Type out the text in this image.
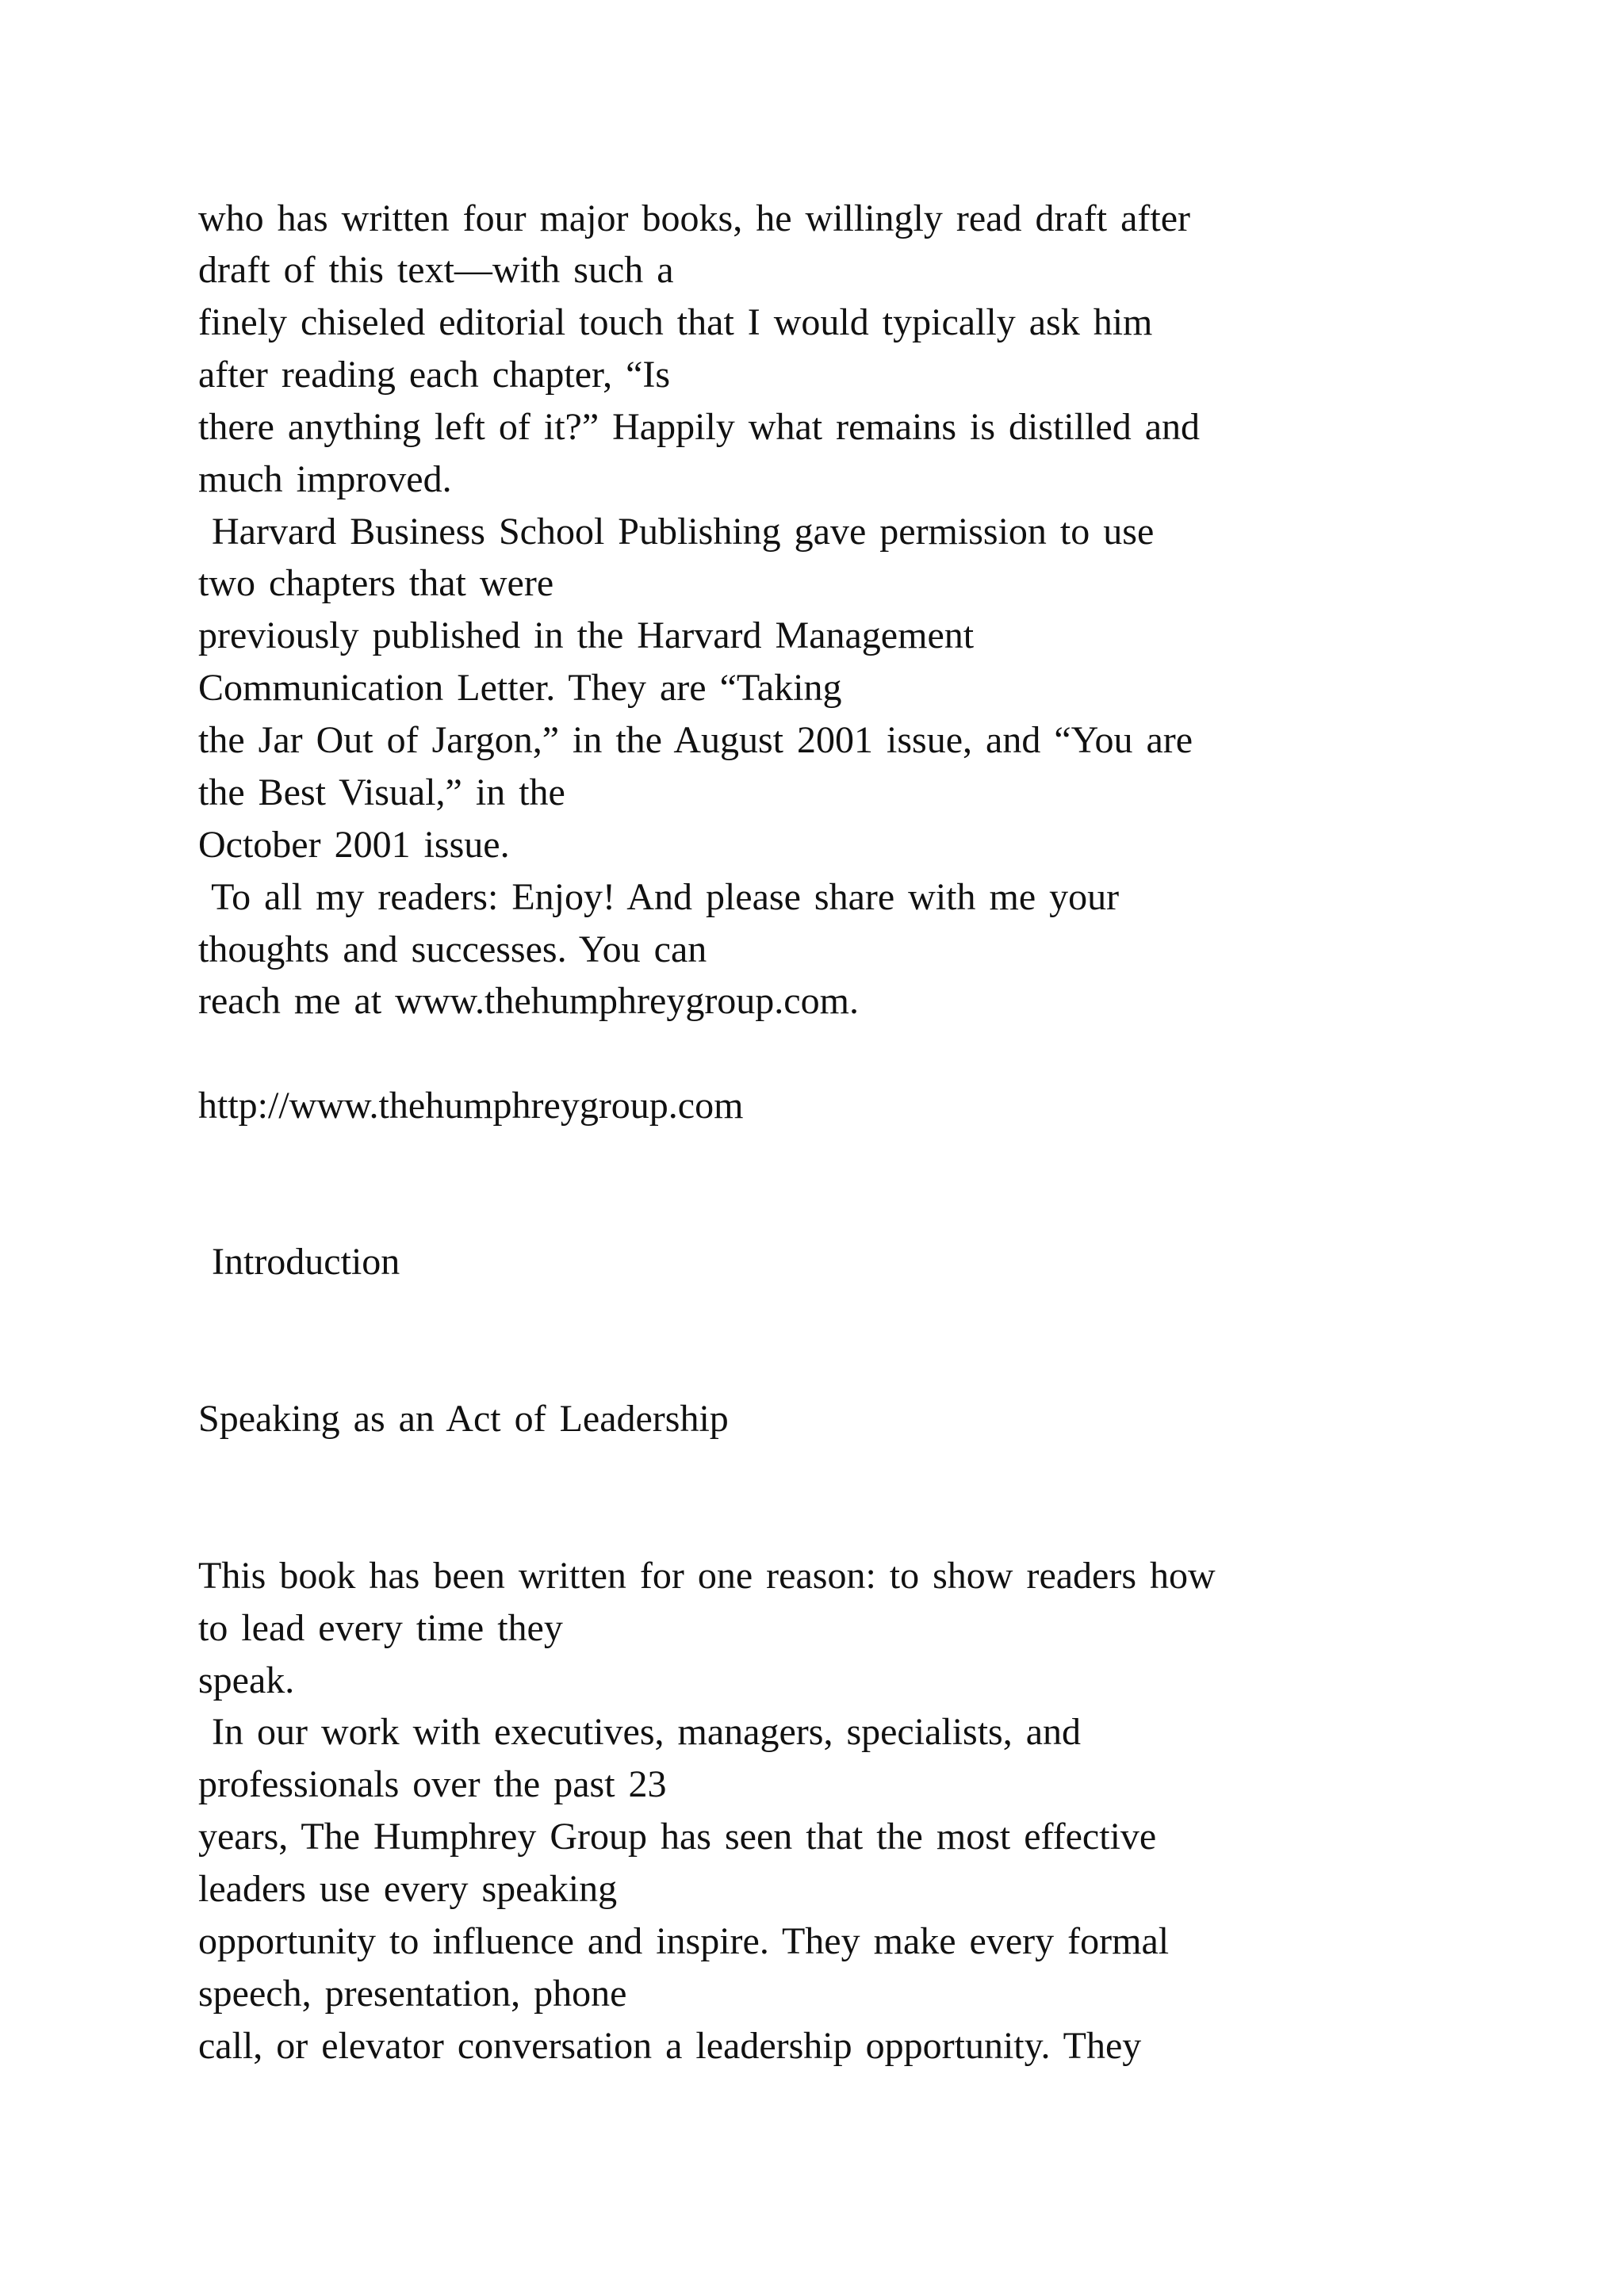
who has written four major books, he willingly read draft after

draft of this text—with such a

finely chiseled editorial touch that I would typically ask him

after reading each chapter, “Is

there anything left of it?” Happily what remains is distilled and

much improved.

Harvard Business School Publishing gave permission to use

two chapters that were

previously published in the Harvard Management

Communication Letter. They are “Taking

the Jar Out of Jargon,” in the August 2001 issue, and “You are

the Best Visual,” in the

October 2001 issue.

To all my readers: Enjoy! And please share with me your

thoughts and successes. You can

reach me at www.thehumphreygroup.com.

http://www.thehumphreygroup.com

Introduction

Speaking as an Act of Leadership

This book has been written for one reason: to show readers how

to lead every time they

speak.

In our work with executives, managers, specialists, and

professionals over the past 23

years, The Humphrey Group has seen that the most effective

leaders use every speaking

opportunity to influence and inspire. They make every formal

speech, presentation, phone

call, or elevator conversation a leadership opportunity. They
